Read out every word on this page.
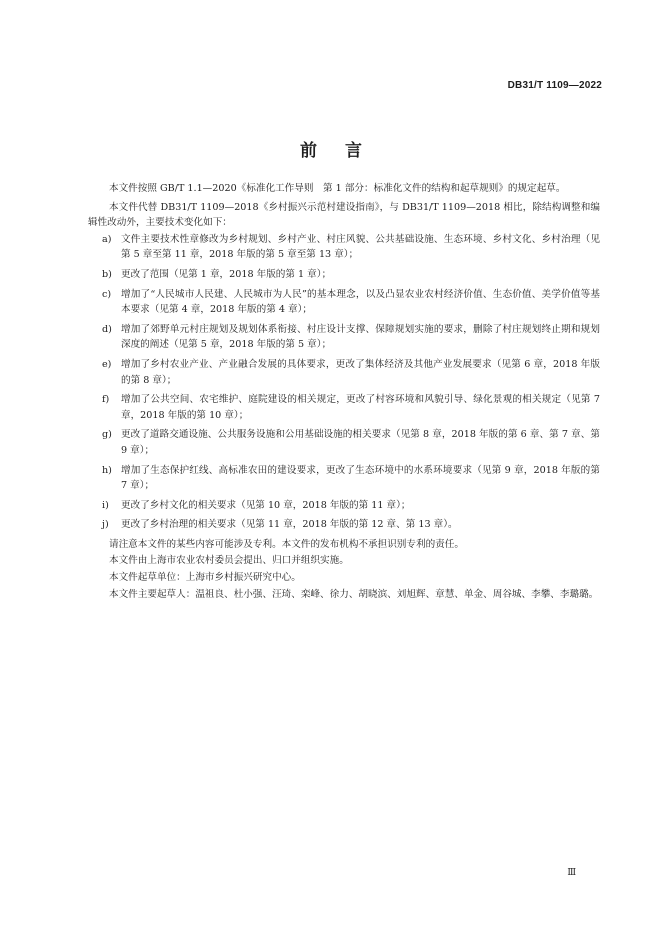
DB31/T 1109—2022
前言

本文件按照 GB/T 1.1—2020《标准化工作导则　第 1 部分：标准化文件的结构和起草规则》的规定起草。

本文件代替 DB31/T 1109—2018《乡村振兴示范村建设指南》，与 DB31/T 1109—2018 相比，除结构调整和编辑性改动外，主要技术变化如下：

a) 文件主要技术性章修改为乡村规划、乡村产业、村庄风貌、公共基础设施、生态环境、乡村文化、乡村治理（见第 5 章至第 11 章，2018 年版的第 5 章至第 13 章）；
b) 更改了范围（见第 1 章，2018 年版的第 1 章）；
c) 增加了“人民城市人民建、人民城市为人民”的基本理念，以及凸显农业农村经济价值、生态价值、美学价值等基本要求（见第 4 章，2018 年版的第 4 章）；
d) 增加了郊野单元村庄规划及规划体系衔接、村庄设计支撑、保障规划实施的要求，删除了村庄规划终止期和规划深度的阐述（见第 5 章，2018 年版的第 5 章）；
e) 增加了乡村农业产业、产业融合发展的具体要求，更改了集体经济及其他产业发展要求（见第 6 章，2018 年版的第 8 章）；
f) 增加了公共空间、农宅维护、庭院建设的相关规定，更改了村容环境和风貌引导、绿化景观的相关规定（见第 7 章，2018 年版的第 10 章）；
g) 更改了道路交通设施、公共服务设施和公用基础设施的相关要求（见第 8 章，2018 年版的第 6 章、第 7 章、第 9 章）；
h) 增加了生态保护红线、高标准农田的建设要求，更改了生态环境中的水系环境要求（见第 9 章，2018 年版的第 7 章）；
i) 更改了乡村文化的相关要求（见第 10 章，2018 年版的第 11 章）；
j) 更改了乡村治理的相关要求（见第 11 章，2018 年版的第 12 章、第 13 章）。

请注意本文件的某些内容可能涉及专利。本文件的发布机构不承担识别专利的责任。

本文件由上海市农业农村委员会提出、归口并组织实施。

本文件起草单位：上海市乡村振兴研究中心。

本文件主要起草人：温祖良、杜小强、汪琦、栾峰、徐力、胡晓滨、刘旭辉、章慧、单金、周谷城、李攀、李璐璐。

Ⅲ
